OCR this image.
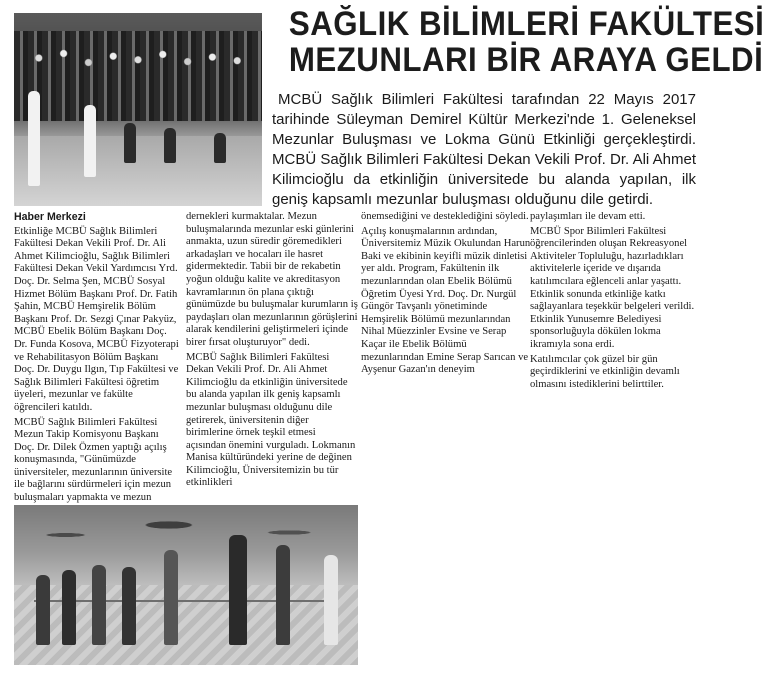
SAĞLIK BİLİMLERİ FAKÜLTESİ
MEZUNLARI BİR ARAYA GELDİ
MCBÜ Sağlık Bilimleri Fakültesi tarafından 22 Mayıs 2017 tarihinde Süleyman Demirel Kültür Merkezi'nde 1. Geleneksel Mezunlar Buluşması ve Lokma Günü Etkinliği gerçekleştirdi. MCBÜ Sağlık Bilimleri Fakültesi Dekan Vekili Prof. Dr. Ali Ahmet Kilimcioğlu da etkinliğin üniversitede bu alanda yapılan, ilk geniş kapsamlı mezunlar buluşması olduğunu dile getirdi.

Haber Merkezi

Etkinliğe MCBÜ Sağlık Bilimleri Fakültesi Dekan Vekili Prof. Dr. Ali Ahmet Kilimcioğlu, Sağlık Bilimleri Fakültesi Dekan Vekil Yardımcısı Yrd. Doç. Dr. Selma Şen, MCBÜ Sosyal Hizmet Bölüm Başkanı Prof. Dr. Fatih Şahin, MCBÜ Hemşirelik Bölüm Başkanı Prof. Dr. Sezgi Çınar Pakyüz, MCBÜ Ebelik Bölüm Başkanı Doç. Dr. Funda Kosova, MCBÜ Fizyoterapi ve Rehabilitasyon Bölüm Başkanı Doç. Dr. Duygu Ilgın, Tıp Fakültesi ve Sağlık Bilimleri Fakültesi öğretim üyeleri, mezunlar ve fakülte öğrencileri katıldı.

MCBÜ Sağlık Bilimleri Fakültesi Mezun Takip Komisyonu Başkanı Doç. Dr. Dilek Özmen yaptığı açılış konuşmasında, "Günümüzde üniversiteler, mezunlarının üniversite ile bağlarını sürdürmeleri için mezun buluşmaları yapmakta ve mezun

dernekleri kurmaktalar. Mezun buluşmalarında mezunlar eski günlerini anmakta, uzun süredir göremedikleri arkadaşları ve hocaları ile hasret gidermektedir. Tabii bir de rekabetin yoğun olduğu kalite ve akreditasyon kavramlarının ön plana çıktığı günümüzde bu buluşmalar kurumların iş paydaşları olan mezunlarının görüşlerini alarak kendilerini geliştirmeleri içinde birer fırsat oluşturuyor" dedi.

MCBÜ Sağlık Bilimleri Fakültesi Dekan Vekili Prof. Dr. Ali Ahmet Kilimcioğlu da etkinliğin üniversitede bu alanda yapılan ilk geniş kapsamlı mezunlar buluşması olduğunu dile getirerek, üniversitenin diğer birimlerine örnek teşkil etmesi açısından önemini vurguladı. Lokmanın Manisa kültüründeki yerine de değinen Kilimcioğlu, Üniversitemizin bu tür etkinlikleri

önemsediğini ve desteklediğini söyledi.

Açılış konuşmalarının ardından, Üniversitemiz Müzik Okulundan Harun Baki ve ekibinin keyifli müzik dinletisi yer aldı. Program, Fakültenin ilk mezunlarından olan Ebelik Bölümü Öğretim Üyesi Yrd. Doç. Dr. Nurgül Güngör Tavşanlı yönetiminde Hemşirelik Bölümü mezunlarından Nihal Müezzinler Evsine ve Serap Kaçar ile Ebelik Bölümü mezunlarından Emine Serap Sarıcan ve Ayşenur Gazan'ın deneyim

paylaşımları ile devam etti.

MCBÜ Spor Bilimleri Fakültesi öğrencilerinden oluşan Rekreasyonel Aktiviteler Topluluğu, hazırladıkları aktivitelerle içeride ve dışarıda katılımcılara eğlenceli anlar yaşattı. Etkinlik sonunda etkinliğe katkı sağlayanlara teşekkür belgeleri verildi. Etkinlik Yunusemre Belediyesi sponsorluğuyla dökülen lokma ikramıyla sona erdi.

Katılımcılar çok güzel bir gün geçirdiklerini ve etkinliğin devamlı olmasını istediklerini belirttiler.
